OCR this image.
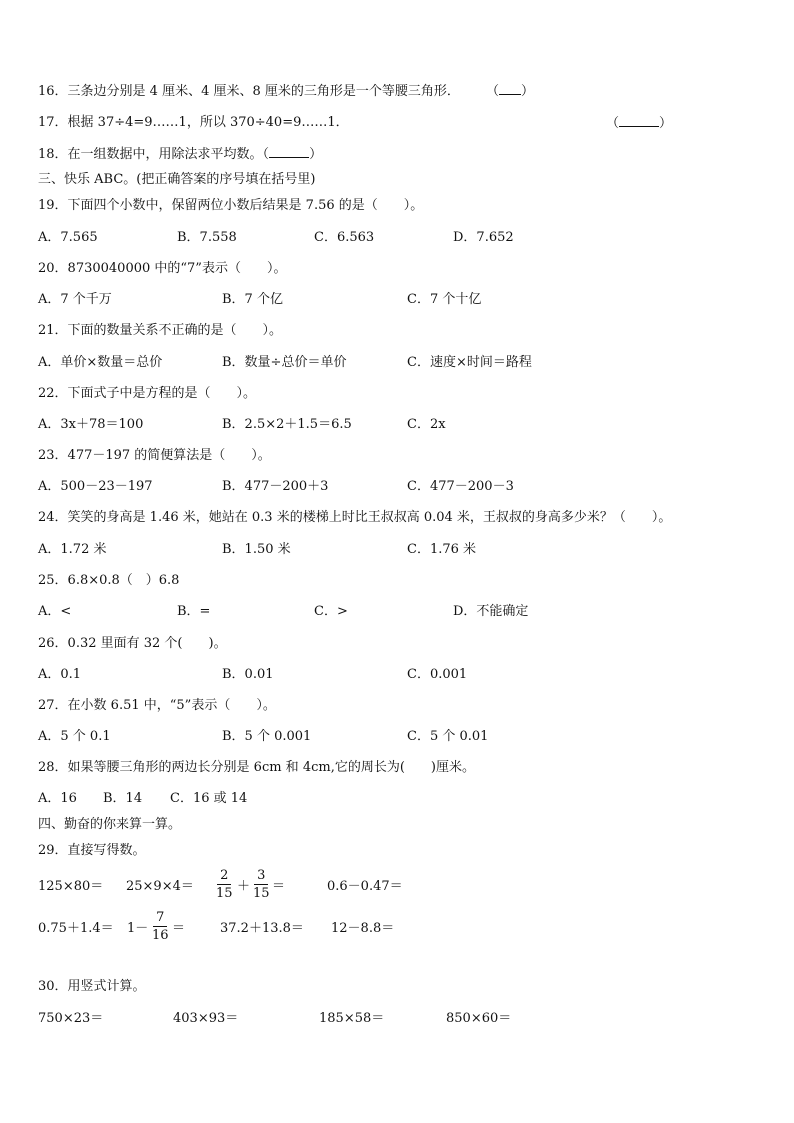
16．三条边分别是 4 厘米、4 厘米、8 厘米的三角形是一个等腰三角形． （ ）
17．根据 37÷4=9……1，所以 370÷40=9……1．	（	）
18．在一组数据中，用除法求平均数。（	）
三、快乐 ABC。(把正确答案的序号填在括号里)
19．下面四个小数中，保留两位小数后结果是 7.56 的是（　　）。
A．7.565	B．7.558	C．6.563	D．7.652
20．8730040000 中的“7”表示（　　）。
A．7 个千万	B．7 个亿	C．7 个十亿
21．下面的数量关系不正确的是（　　）。
A．单价×数量＝总价	B．数量÷总价＝单价	C．速度×时间＝路程
22．下面式子中是方程的是（　　）。
A．3x＋78＝100	B．2.5×2＋1.5＝6.5	C．2x
23．477－197 的简便算法是（　　）。
A．500－23－197	B．477－200＋3	C．477－200－3
24．笑笑的身高是 1.46 米，她站在 0.3 米的楼梯上时比王叔叔高 0.04 米，王叔叔的身高多少米？（　　）。
A．1.72 米	B．1.50 米	C．1.76 米
25．6.8×0.8（　）6.8
A．<	B．=	C．>	D．不能确定
26．0.32 里面有 32 个(　　)。
A．0.1	B．0.01	C．0.001
27．在小数 6.51 中，“5”表示（　　）。
A．5 个 0.1	B．5 个 0.001	C．5 个 0.01
28．如果等腰三角形的两边长分别是 6cm 和 4cm,它的周长为(　　)厘米。
A．16 B．14 C．16 或 14
四、勤奋的你来算一算。
29．直接写得数。
125×80＝ 25×9×4＝
2
15 ＋
3
15 ＝	0.6－0.47＝
0.75＋1.4＝ 1－
7
16 ＝	37.2＋13.8＝ 12－8.8＝
30．用竖式计算。
750×23＝	403×93＝	185×58＝	850×60＝
